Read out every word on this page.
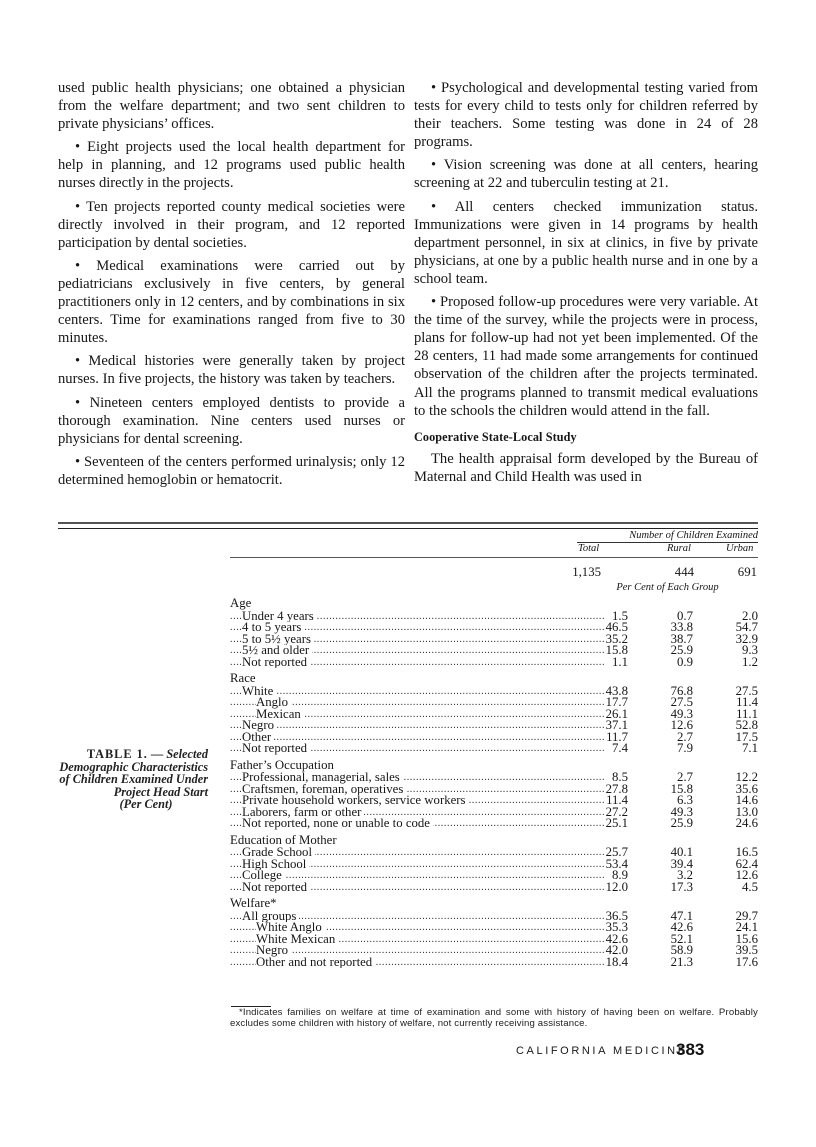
used public health physicians; one obtained a physician from the welfare department; and two sent children to private physicians’ offices.

• Eight projects used the local health department for help in planning, and 12 programs used public health nurses directly in the projects.

• Ten projects reported county medical societies were directly involved in their program, and 12 reported participation by dental societies.

• Medical examinations were carried out by pediatricians exclusively in five centers, by general practitioners only in 12 centers, and by combinations in six centers. Time for examinations ranged from five to 30 minutes.

• Medical histories were generally taken by project nurses. In five projects, the history was taken by teachers.

• Nineteen centers employed dentists to provide a thorough examination. Nine centers used nurses or physicians for dental screening.

• Seventeen of the centers performed urinalysis; only 12 determined hemoglobin or hematocrit.

• Psychological and developmental testing varied from tests for every child to tests only for children referred by their teachers. Some testing was done in 24 of 28 programs.

• Vision screening was done at all centers, hearing screening at 22 and tuberculin testing at 21.

• All centers checked immunization status. Immunizations were given in 14 programs by health department personnel, in six at clinics, in five by private physicians, at one by a public health nurse and in one by a school team.

• Proposed follow-up procedures were very variable. At the time of the survey, while the projects were in process, plans for follow-up had not yet been implemented. Of the 28 centers, 11 had made some arrangements for continued observation of the children after the projects terminated. All the programs planned to transmit medical evaluations to the schools the children would attend in the fall.

Cooperative State-Local Study

The health appraisal form developed by the Bureau of Maternal and Child Health was used in

Number of Children Examined
Total	Rural	Urban
1,135	444	691
Per Cent of Each Group
TABLE 1. — Selected Demographic Characteristics of Children Examined Under Project Head Start
(Per Cent)
Age			
Under 4 years .....	1.5	0.7	2.0
4 to 5 years .....	46.5	33.8	54.7
5 to 5½ years .....	35.2	38.7	32.9
5½ and older .....	15.8	25.9	9.3
Not reported .....	1.1	0.9	1.2
Race			
White .....	43.8	76.8	27.5
Anglo .....	17.7	27.5	11.4
Mexican .....	26.1	49.3	11.1
Negro .....	37.1	12.6	52.8
Other .....	11.7	2.7	17.5
Not reported .....	7.4	7.9	7.1
Father’s Occupation			
Professional, managerial, sales .....	8.5	2.7	12.2
Craftsmen, foreman, operatives .....	27.8	15.8	35.6
Private household workers, service workers .....	11.4	6.3	14.6
Laborers, farm or other .....	27.2	49.3	13.0
Not reported, none or unable to code .....	25.1	25.9	24.6
Education of Mother			
Grade School .....	25.7	40.1	16.5
High School .....	53.4	39.4	62.4
College .....	8.9	3.2	12.6
Not reported .....	12.0	17.3	4.5
Welfare*			
All groups .....	36.5	47.1	29.7
White Anglo .....	35.3	42.6	24.1
White Mexican .....	42.6	52.1	15.6
Negro .....	42.0	58.9	39.5
Other and not reported .....	18.4	21.3	17.6
*Indicates families on welfare at time of examination and some with history of having been on welfare. Probably excludes some children with history of welfare, not currently receiving assistance.
CALIFORNIA MEDICINE
383
